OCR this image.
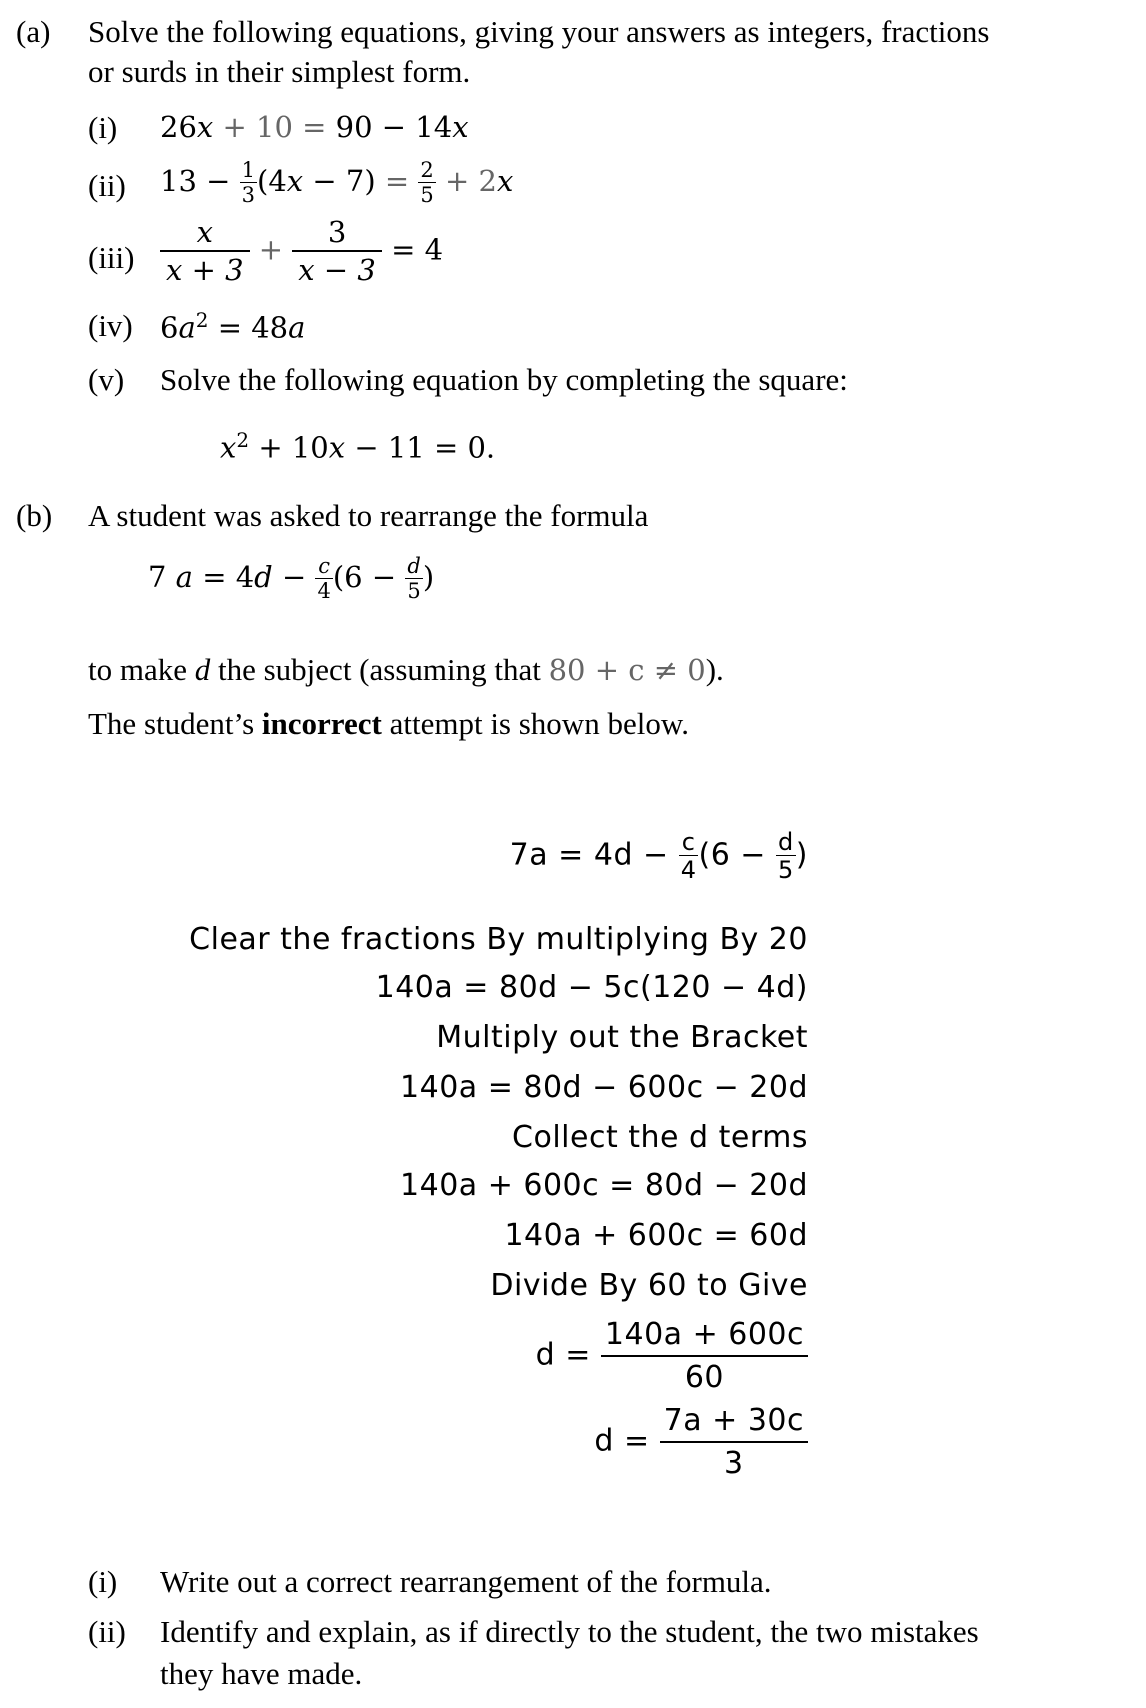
(a) Solve the following equations, giving your answers as integers, fractions
or surds in their simplest form.
(i) 26x + 10 = 90 − 14x
(ii) $13 - \frac{1}{3} (4x - 7) = \frac{2}{5} + 2x$
$(iii) \frac{x}{x + 3} + \frac{3}{x - 3} = 4$
(iv) $6a^2 = 48a$
(v) Solve the following equation by completing the square:
$x^2 + 10x - 11 = 0$.
(b) A student was asked to rearrange the formula
7 $a = 4d - \frac{c}{4} (6 - \frac{d}{5}$ )
to make d the subject (assuming that 80 + c ≠ 0).
The student’s incorrect attempt is shown below.
$7a = 4d - \frac{c}{4} (6 - \frac{d}{5}$ )
Clear the fractions By multiplying By 20
140a = 80d − 5c(120 − 4d)
Multiply out the Bracket
140a = 80d − 600c − 20d
Collect the d terms
140a + 600c = 80d − 20d
140a + 600c = 60d
Divide By 60 to Give
$d = \frac{140a + 600c}{60}$
$d = \frac{7a + 30c}{3}$
(i) Write out a correct rearrangement of the formula.
(ii) Identify and explain, as if directly to the student, the two mistakes
they have made.
